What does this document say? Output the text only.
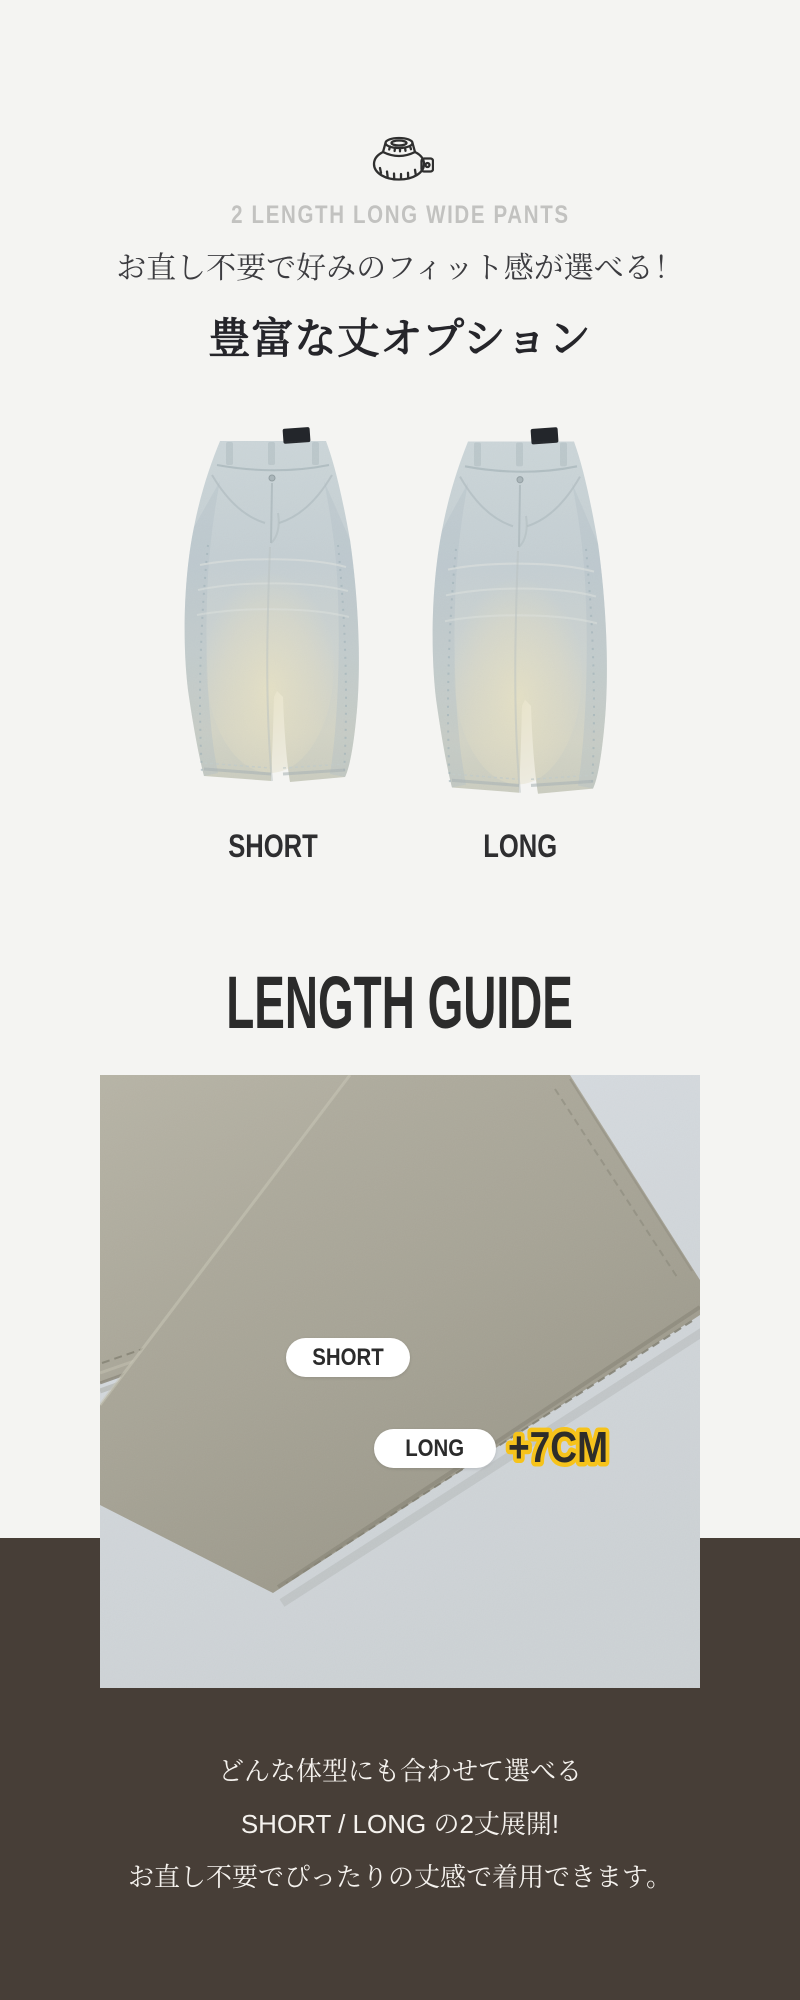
2 LENGTH LONG WIDE PANTS
お直し不要で好みのフィット感が選べる！
豊富な丈オプション
SHORT	LONG
LENGTH GUIDE
SHORT
LONG +7CM
どんな体型にも合わせて選べる
SHORT / LONG の2丈展開!
お直し不要でぴったりの丈感で着用できます。
